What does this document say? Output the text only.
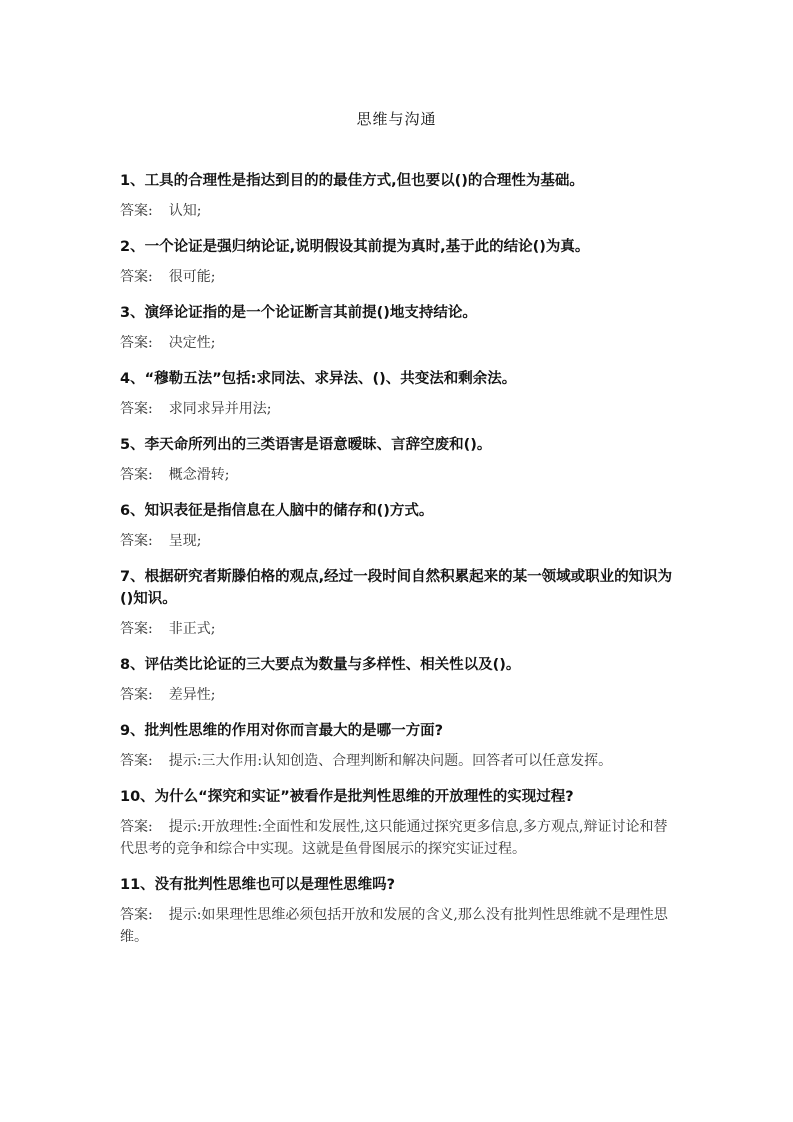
思维与沟通
1、工具的合理性是指达到目的的最佳方式,但也要以()的合理性为基础。
答案: 认知;
2、一个论证是强归纳论证,说明假设其前提为真时,基于此的结论()为真。
答案: 很可能;
3、演绎论证指的是一个论证断言其前提()地支持结论。
答案: 决定性;
4、“穆勒五法”包括:求同法、求异法、()、共变法和剩余法。
答案: 求同求异并用法;
5、李天命所列出的三类语害是语意暧昧、言辞空废和()。
答案: 概念滑转;
6、知识表征是指信息在人脑中的储存和()方式。
答案: 呈现;
7、根据研究者斯滕伯格的观点,经过一段时间自然积累起来的某一领域或职业的知识为()知识。
答案: 非正式;
8、评估类比论证的三大要点为数量与多样性、相关性以及()。
答案: 差异性;
9、批判性思维的作用对你而言最大的是哪一方面?
答案: 提示:三大作用:认知创造、合理判断和解决问题。回答者可以任意发挥。
10、为什么“探究和实证”被看作是批判性思维的开放理性的实现过程?
答案: 提示:开放理性:全面性和发展性,这只能通过探究更多信息,多方观点,辩证讨论和替代思考的竞争和综合中实现。这就是鱼骨图展示的探究实证过程。
11、没有批判性思维也可以是理性思维吗?
答案: 提示:如果理性思维必须包括开放和发展的含义,那么没有批判性思维就不是理性思维。
